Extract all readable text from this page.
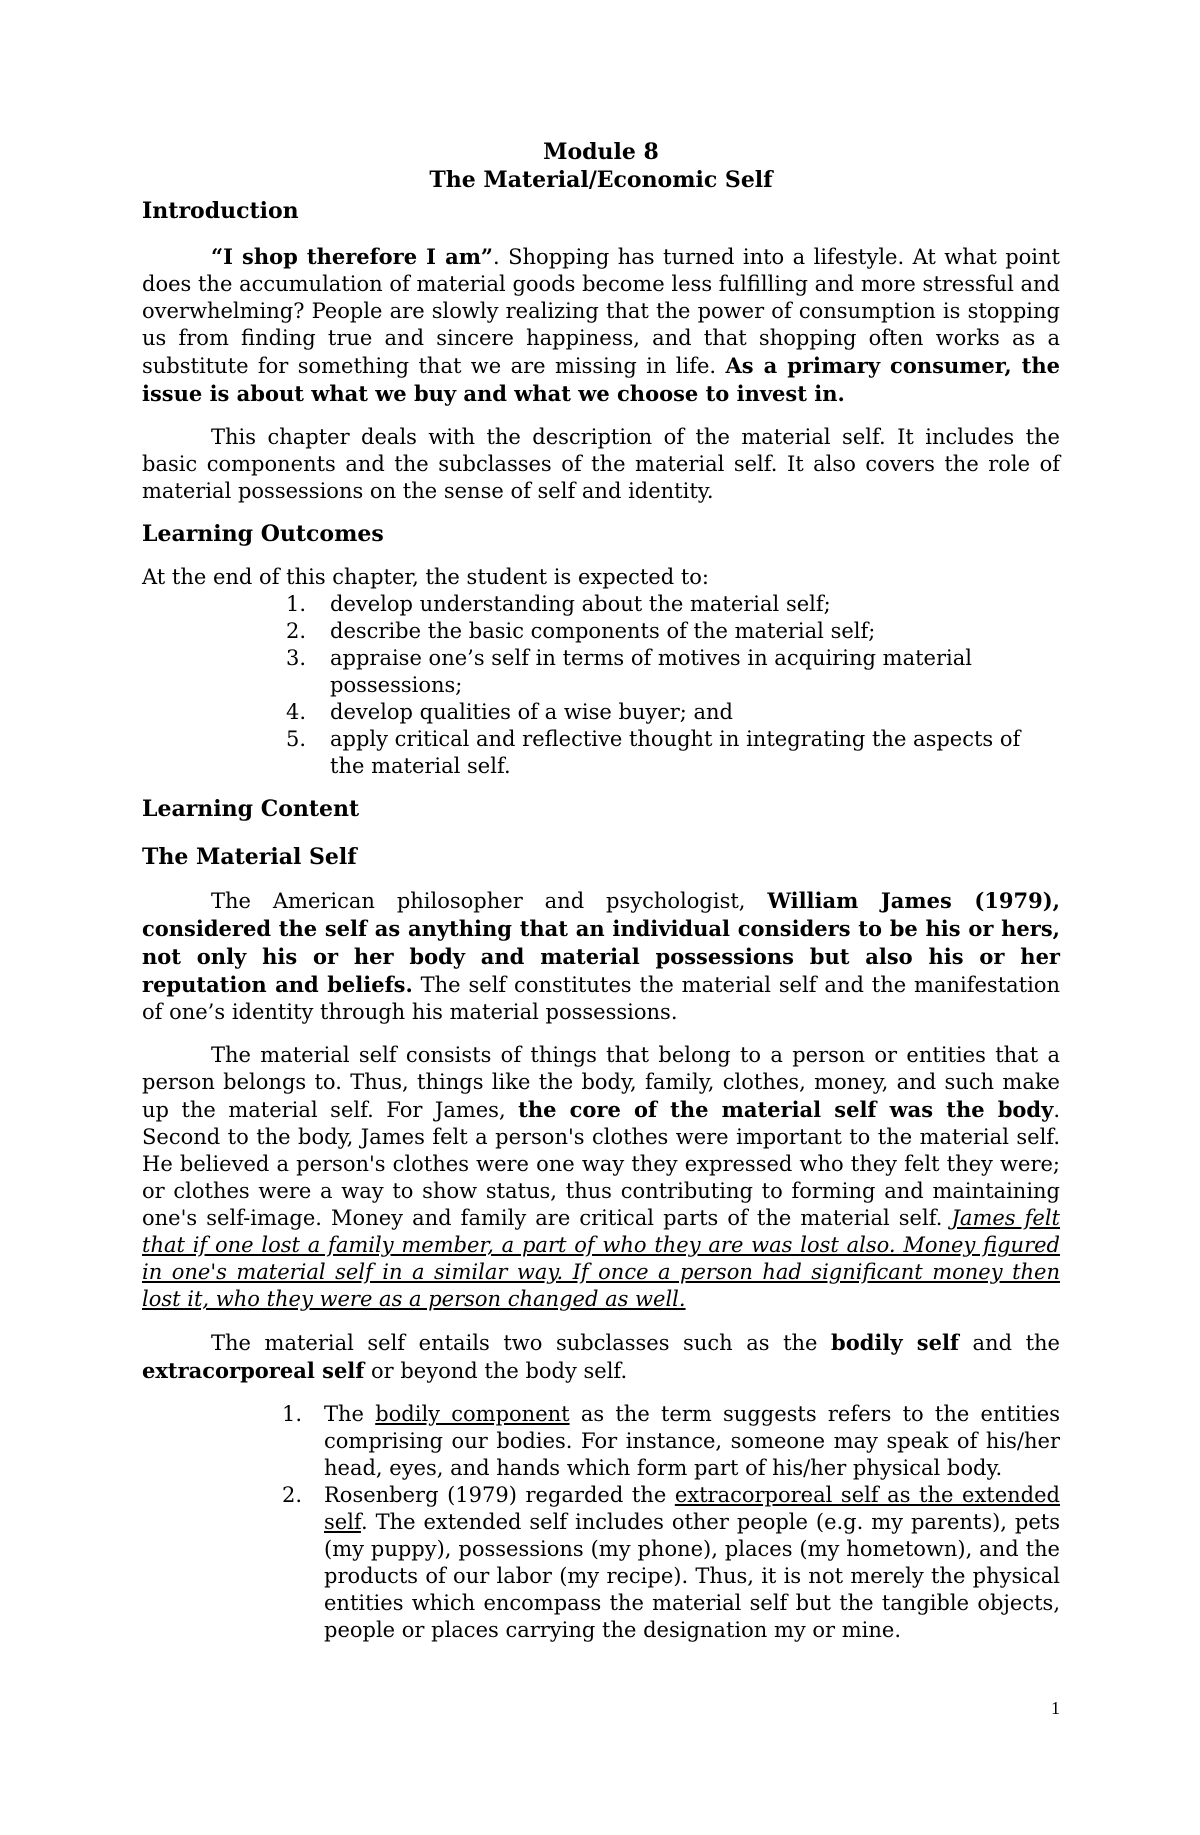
Module 8

The Material/Economic Self

Introduction

“I shop therefore I am”. Shopping has turned into a lifestyle. At what point does the accumulation of material goods become less fulfilling and more stressful and overwhelming? People are slowly realizing that the power of consumption is stopping us from finding true and sincere happiness, and that shopping often works as a substitute for something that we are missing in life. As a primary consumer, the issue is about what we buy and what we choose to invest in.

This chapter deals with the description of the material self. It includes the basic components and the subclasses of the material self. It also covers the role of material possessions on the sense of self and identity.

Learning Outcomes

At the end of this chapter, the student is expected to:

1. develop understanding about the material self;
2. describe the basic components of the material self;
3. appraise one’s self in terms of motives in acquiring material possessions;
4. develop qualities of a wise buyer; and
5. apply critical and reflective thought in integrating the aspects of the material self.

Learning Content

The Material Self

The American philosopher and psychologist, William James (1979), considered the self as anything that an individual considers to be his or hers, not only his or her body and material possessions but also his or her reputation and beliefs. The self constitutes the material self and the manifestation of one’s identity through his material possessions.

The material self consists of things that belong to a person or entities that a person belongs to. Thus, things like the body, family, clothes, money, and such make up the material self. For James, the core of the material self was the body. Second to the body, James felt a person's clothes were important to the material self. He believed a person's clothes were one way they expressed who they felt they were; or clothes were a way to show status, thus contributing to forming and maintaining one's self-image. Money and family are critical parts of the material self. James felt that if one lost a family member, a part of who they are was lost also. Money figured in one's material self in a similar way. If once a person had significant money then lost it, who they were as a person changed as well.

The material self entails two subclasses such as the bodily self and the extracorporeal self or beyond the body self.

1. The bodily component as the term suggests refers to the entities comprising our bodies. For instance, someone may speak of his/her head, eyes, and hands which form part of his/her physical body.
2. Rosenberg (1979) regarded the extracorporeal self as the extended self. The extended self includes other people (e.g. my parents), pets (my puppy), possessions (my phone), places (my hometown), and the products of our labor (my recipe). Thus, it is not merely the physical entities which encompass the material self but the tangible objects, people or places carrying the designation my or mine.
1
